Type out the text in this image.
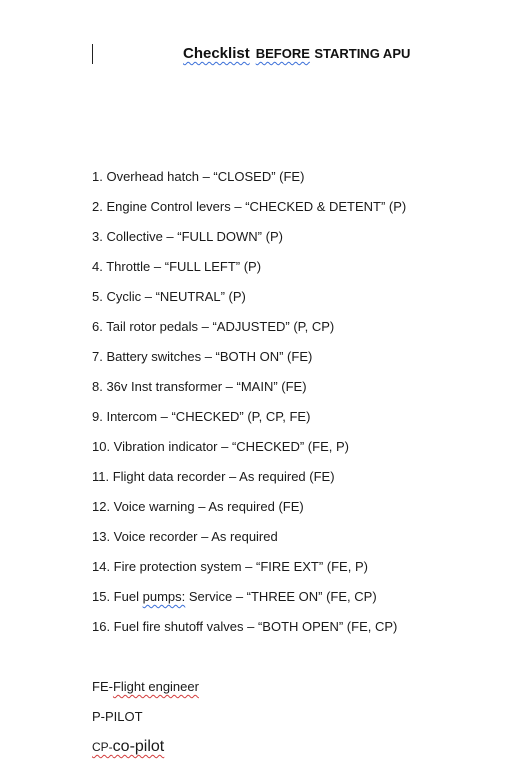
Checklist BEFORE STARTING APU
1. Overhead hatch – “CLOSED” (FE)
2. Engine Control levers – “CHECKED & DETENT” (P)
3. Collective – “FULL DOWN” (P)
4. Throttle – “FULL LEFT” (P)
5. Cyclic – “NEUTRAL” (P)
6. Tail rotor pedals – “ADJUSTED” (P, CP)
7. Battery switches – “BOTH ON” (FE)
8. 36v Inst transformer – “MAIN” (FE)
9. Intercom – “CHECKED” (P, CP, FE)
10. Vibration indicator – “CHECKED” (FE, P)
11. Flight data recorder – As required (FE)
12. Voice warning – As required (FE)
13. Voice recorder – As required
14. Fire protection system – “FIRE EXT” (FE, P)
15. Fuel pumps: Service – “THREE ON” (FE, CP)
16. Fuel fire shutoff valves – “BOTH OPEN” (FE, CP)
FE-Flight engineer
P-PILOT
CP-co-pilot
